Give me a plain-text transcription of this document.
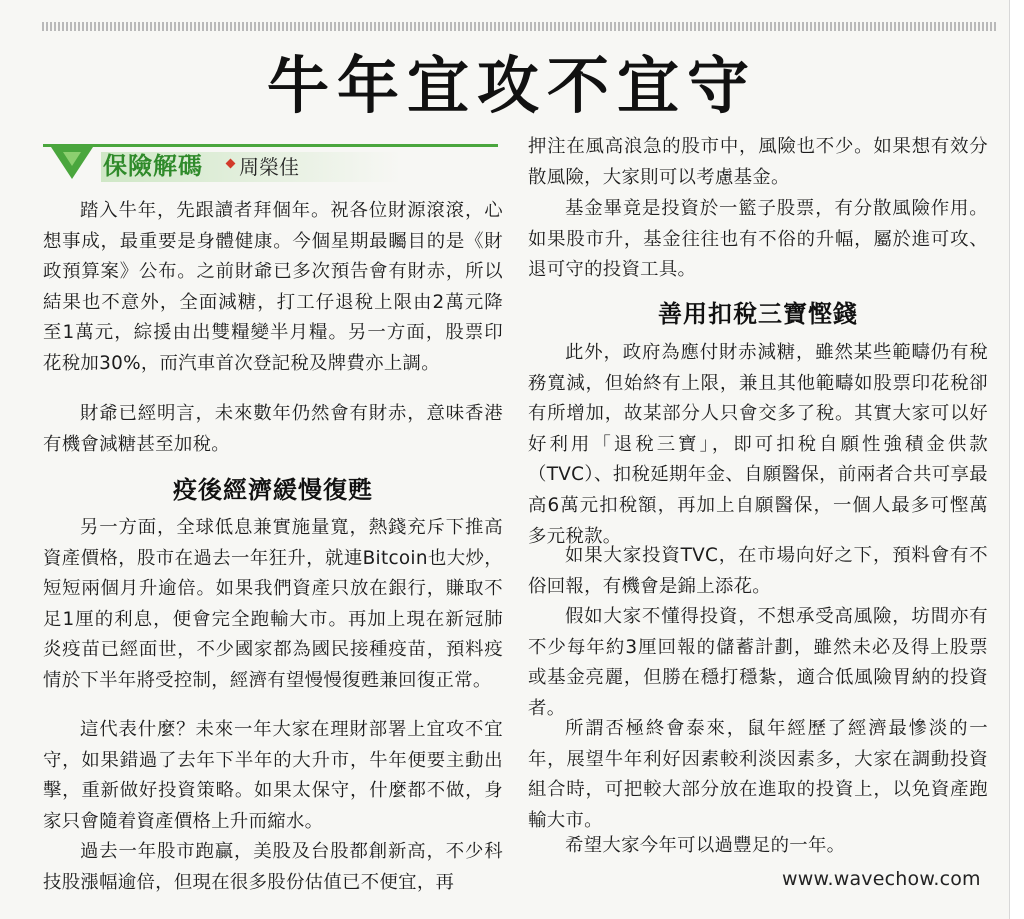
牛年宜攻不宜守
保險解碼 周榮佳

踏入牛年，先跟讀者拜個年。祝各位財源滾滾，心想事成，最重要是身體健康。今個星期最矚目的是《財政預算案》公布。之前財爺已多次預告會有財赤，所以結果也不意外，全面減糖，打工仔退稅上限由2萬元降至1萬元，綜援由出雙糧變半月糧。另一方面，股票印花稅加30%，而汽車首次登記稅及牌費亦上調。

財爺已經明言，未來數年仍然會有財赤，意味香港有機會減糖甚至加稅。

疫後經濟緩慢復甦

另一方面，全球低息兼實施量寬，熱錢充斥下推高資產價格，股市在過去一年狂升，就連Bitcoin也大炒，短短兩個月升逾倍。如果我們資產只放在銀行，賺取不足1厘的利息，便會完全跑輸大市。再加上現在新冠肺炎疫苗已經面世，不少國家都為國民接種疫苗，預料疫情於下半年將受控制，經濟有望慢慢復甦兼回復正常。

這代表什麼？未來一年大家在理財部署上宜攻不宜守，如果錯過了去年下半年的大升市，牛年便要主動出擊，重新做好投資策略。如果太保守，什麼都不做，身家只會隨着資產價格上升而縮水。

過去一年股市跑贏，美股及台股都創新高，不少科技股漲幅逾倍，但現在很多股份估值已不便宜，再

押注在風高浪急的股市中，風險也不少。如果想有效分散風險，大家則可以考慮基金。

基金畢竟是投資於一籃子股票，有分散風險作用。如果股市升，基金往往也有不俗的升幅，屬於進可攻、退可守的投資工具。

善用扣稅三寶慳錢

此外，政府為應付財赤減糖，雖然某些範疇仍有稅務寬減，但始終有上限，兼且其他範疇如股票印花稅卻有所增加，故某部分人只會交多了稅。其實大家可以好好利用「退稅三寶」，即可扣稅自願性強積金供款（TVC）、扣稅延期年金、自願醫保，前兩者合共可享最高6萬元扣稅額，再加上自願醫保，一個人最多可慳萬多元稅款。

如果大家投資TVC，在市場向好之下，預料會有不俗回報，有機會是錦上添花。

假如大家不懂得投資，不想承受高風險，坊間亦有不少每年約3厘回報的儲蓄計劃，雖然未必及得上股票或基金亮麗，但勝在穩打穩紮，適合低風險胃納的投資者。

所謂否極終會泰來，鼠年經歷了經濟最慘淡的一年，展望牛年利好因素較利淡因素多，大家在調動投資組合時，可把較大部分放在進取的投資上，以免資產跑輸大市。

希望大家今年可以過豐足的一年。

www.wavechow.com
